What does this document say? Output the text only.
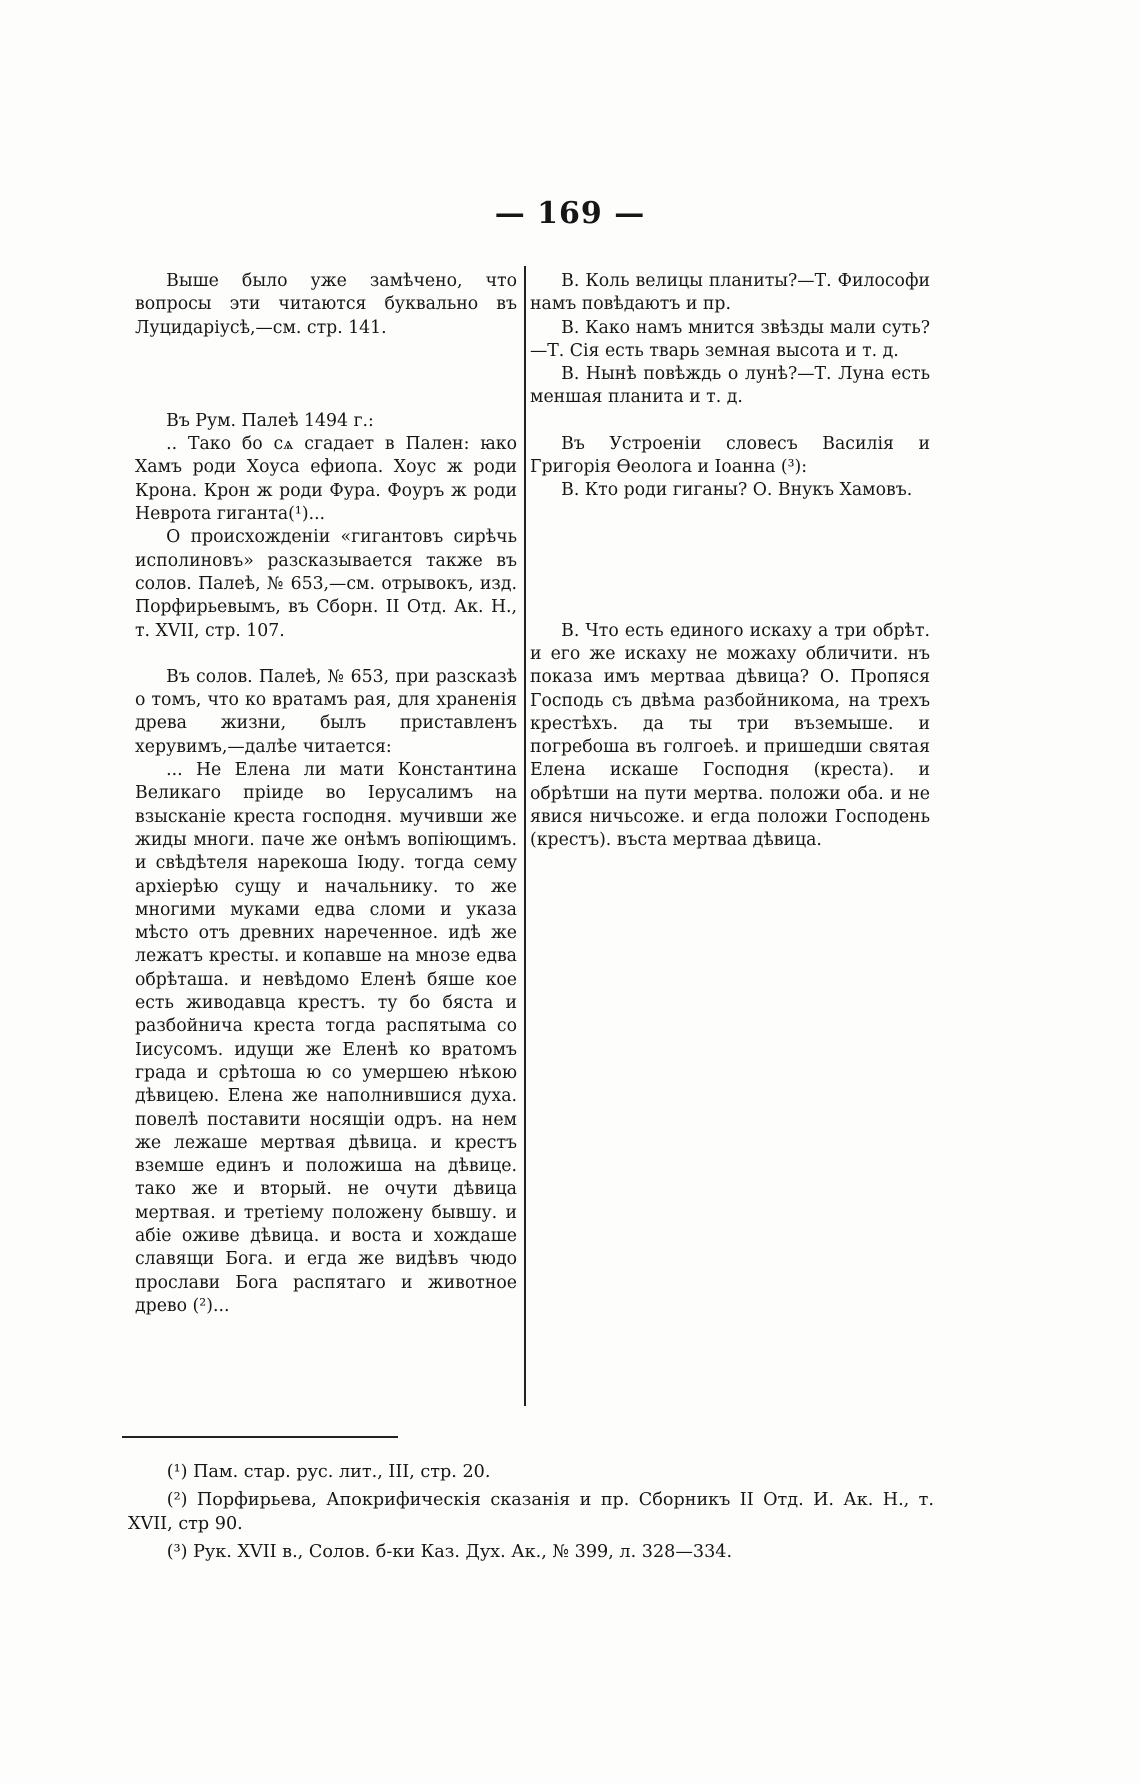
— 169 —

Выше было уже замѣчено, что вопросы эти читаются буквально въ Луцидаріусѣ,—см. стр. 141.

Въ Рум. Палеѣ 1494 г.:

.. Тако бо сѧ сгадает в Пален: ꙗко Хамъ роди Хоуса ефиопа. Хоус ж роди Крона. Крон ж роди Фура. Фоуръ ж роди Неврота гиганта(¹)...

О происхожденіи «гигантовъ сирѣчь исполиновъ» разсказывается также въ солов. Палеѣ, № 653,—см. отрывокъ, изд. Порфирьевымъ, въ Сборн. II Отд. Ак. Н., т. XVII, стр. 107.

Въ солов. Палеѣ, № 653, при разсказѣ о томъ, что ко вратамъ рая, для храненія древа жизни, былъ приставленъ херувимъ,—далѣе читается:

... Не Елена ли мати Константина Великаго пріиде во Іерусалимъ на взысканіе креста господня. мучивши же жиды многи. паче же онѣмъ вопіющимъ. и свѣдѣтеля нарекоша Іюду. тогда сему архіерѣю сущу и начальнику. то же многими муками едва сломи и указа мѣсто отъ древних нареченное. идѣ же лежатъ кресты. и копавше на мнозе едва обрѣташа. и невѣдомо Еленѣ бяше кое есть живодавца крестъ. ту бо бяста и разбойнича креста тогда распятыма со Іисусомъ. идущи же Еленѣ ко вратомъ града и срѣтоша ю со умершею нѣкою дѣвицею. Елена же наполнившися духа. повелѣ поставити носящіи одръ. на нем же лежаше мертвая дѣвица. и крестъ вземше единъ и положиша на дѣвице. тако же и вторый. не очути дѣвица мертвая. и третіему положену бывшу. и абіе оживе дѣвица. и воста и хождаше славящи Бога. и егда же видѣвъ чюдо прослави Бога распятаго и животное древо (²)...

В. Коль велицы планиты?—Т. Философи намъ повѣдаютъ и пр.

В. Како намъ мнится звѣзды мали суть?—Т. Сія есть тварь земная высота и т. д.

В. Нынѣ повѣждь о лунѣ?—Т. Луна есть меншая планита и т. д.

Въ Устроеніи словесъ Василія и Григорія Өеолога и Іоанна (³):

В. Кто роди гиганы? О. Внукъ Хамовъ.

В. Что есть единого искаху а три обрѣт. и его же искаху не можаху обличити. нъ показа имъ мертваа дѣвица? О. Пропяся Господь съ двѣма разбойникома, на трехъ крестѣхъ. да ты три въземыше. и погребоша въ голгоеѣ. и пришедши святая Елена искаше Господня (креста). и обрѣтши на пути мертва. положи оба. и не явися ничьсоже. и егда положи Господень (крестъ). въста мертваа дѣвица.

(¹) Пам. стар. рус. лит., III, стр. 20.

(²) Порфирьева, Апокрифическія сказанія и пр. Сборникъ II Отд. И. Ак. Н., т. XVII, стр 90.

(³) Рук. XVII в., Солов. б-ки Каз. Дух. Ак., № 399, л. 328—334.
